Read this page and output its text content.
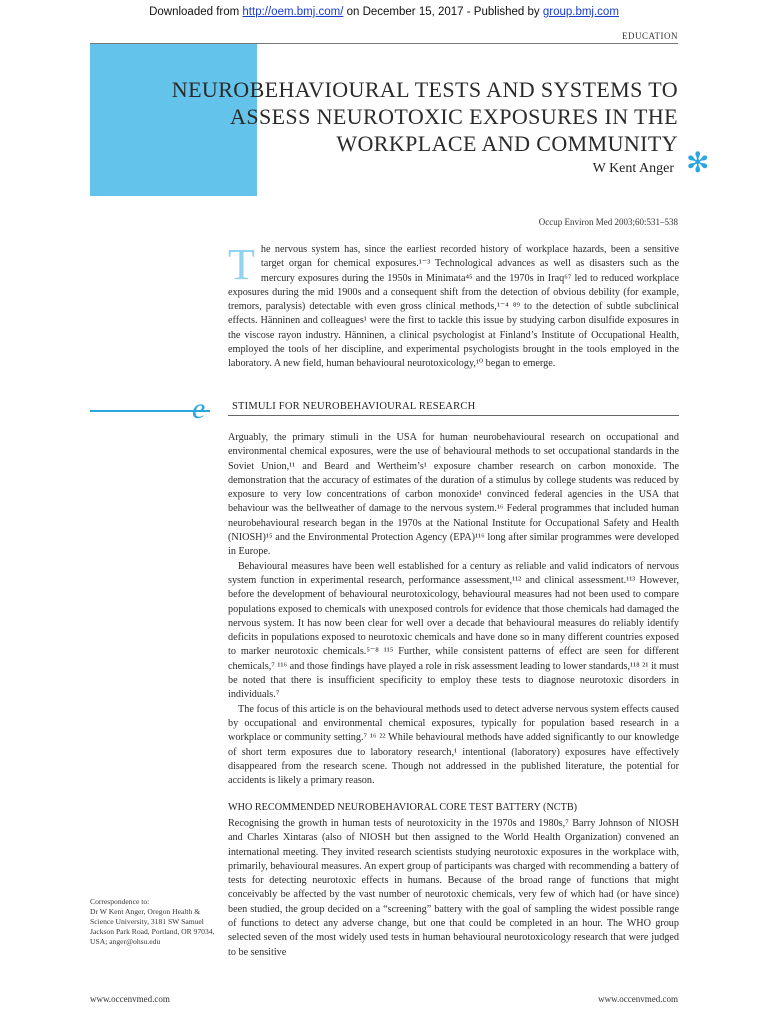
Downloaded from http://oem.bmj.com/ on December 15, 2017 - Published by group.bmj.com
EDUCATION
NEUROBEHAVIOURAL TESTS AND SYSTEMS TO ASSESS NEUROTOXIC EXPOSURES IN THE WORKPLACE AND COMMUNITY
W Kent Anger ✻
Occup Environ Med 2003;60:531–538

The nervous system has, since the earliest recorded history of workplace hazards, been a sensitive target organ for chemical exposures.¹⁻³ Technological advances as well as disasters such as the mercury exposures during the 1950s in Minimata⁴⁵ and the 1970s in Iraq⁶⁷ led to reduced workplace exposures during the mid 1900s and a consequent shift from the detection of obvious debility (for example, tremors, paralysis) detectable with even gross clinical methods,¹⁻⁴ ⁸⁹ to the detection of subtle subclinical effects. Hänninen and colleagues¹ were the first to tackle this issue by studying carbon disulfide exposures in the viscose rayon industry. Hänninen, a clinical psychologist at Finland’s Institute of Occupational Health, employed the tools of her discipline, and experimental psychologists brought in the tools employed in the laboratory. A new field, human behavioural neurotoxicology,¹⁰ began to emerge.

e	STIMULI FOR NEUROBEHAVIOURAL RESEARCH

Arguably, the primary stimuli in the USA for human neurobehavioural research on occupational and environmental chemical exposures, were the use of behavioural methods to set occupational standards in the Soviet Union,¹¹ and Beard and Wertheim’s¹ exposure chamber research on carbon monoxide. The demonstration that the accuracy of estimates of the duration of a stimulus by college students was reduced by exposure to very low concentrations of carbon monoxide¹ convinced federal agencies in the USA that behaviour was the bellweather of damage to the nervous system.¹⁶ Federal programmes that included human neurobehavioural research began in the 1970s at the National Institute for Occupational Safety and Health (NIOSH)¹⁵ and the Environmental Protection Agency (EPA)¹¹⁶ long after similar programmes were developed in Europe.

Behavioural measures have been well established for a century as reliable and valid indicators of nervous system function in experimental research, performance assessment,¹¹² and clinical assessment.¹¹³ However, before the development of behavioural neurotoxicology, behavioural measures had not been used to compare populations exposed to chemicals with unexposed controls for evidence that those chemicals had damaged the nervous system. It has now been clear for well over a decade that behavioural measures do reliably identify deficits in populations exposed to neurotoxic chemicals and have done so in many different countries exposed to marker neurotoxic chemicals.⁵⁻⁸ ¹¹⁵ Further, while consistent patterns of effect are seen for different chemicals,⁷ ¹¹⁶ and those findings have played a role in risk assessment leading to lower standards,¹¹⁸ ²¹ it must be noted that there is insufficient specificity to employ these tests to diagnose neurotoxic disorders in individuals.⁷

The focus of this article is on the behavioural methods used to detect adverse nervous system effects caused by occupational and environmental chemical exposures, typically for population based research in a workplace or community setting.⁷ ¹⁶ ²² While behavioural methods have added significantly to our knowledge of short term exposures due to laboratory research,¹ intentional (laboratory) exposures have effectively disappeared from the research scene. Though not addressed in the published literature, the potential for accidents is likely a primary reason.

WHO RECOMMENDED NEUROBEHAVIORAL CORE TEST BATTERY (NCTB)

Recognising the growth in human tests of neurotoxicity in the 1970s and 1980s,⁷ Barry Johnson of NIOSH and Charles Xintaras (also of NIOSH but then assigned to the World Health Organization) convened an international meeting. They invited research scientists studying neurotoxic exposures in the workplace with, primarily, behavioural measures. An expert group of participants was charged with recommending a battery of tests for detecting neurotoxic effects in humans. Because of the broad range of functions that might conceivably be affected by the vast number of neurotoxic chemicals, very few of which had (or have since) been studied, the group decided on a “screening” battery with the goal of sampling the widest possible range of functions to detect any adverse change, but one that could be completed in an hour. The WHO group selected seven of the most widely used tests in human behavioural neurotoxicology research that were judged to be sensitive

Correspondence to:
Dr W Kent Anger, Oregon Health & Science University, 3181 SW Samuel Jackson Park Road, Portland, OR 97034, USA; anger@ohsu.edu
www.occenvmed.com	www.occenvmed.com
